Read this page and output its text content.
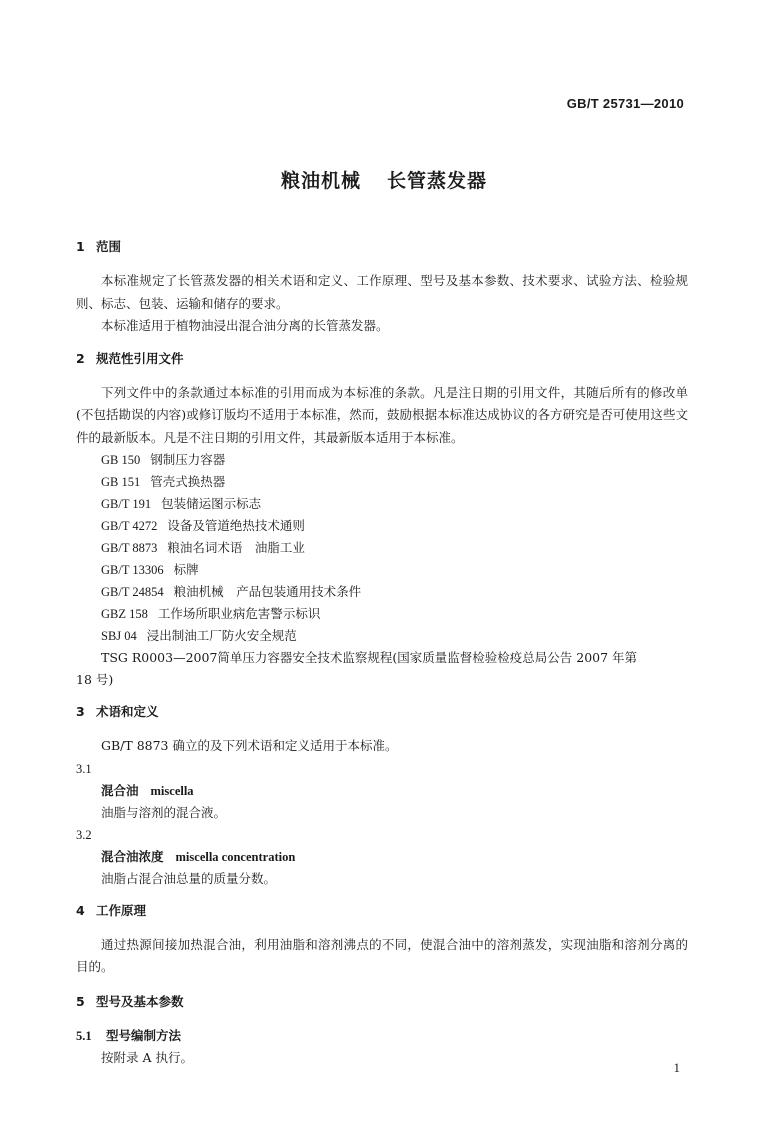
GB/T 25731—2010
粮油机械 长管蒸发器

1 范围

本标准规定了长管蒸发器的相关术语和定义、工作原理、型号及基本参数、技术要求、试验方法、检验规则、标志、包装、运输和储存的要求。

本标准适用于植物油浸出混合油分离的长管蒸发器。

2 规范性引用文件

下列文件中的条款通过本标准的引用而成为本标准的条款。凡是注日期的引用文件，其随后所有的修改单(不包括勘误的内容)或修订版均不适用于本标准，然而，鼓励根据本标准达成协议的各方研究是否可使用这些文件的最新版本。凡是不注日期的引用文件，其最新版本适用于本标准。

GB 150 钢制压力容器

GB 151 管壳式换热器

GB/T 191 包装储运图示标志

GB/T 4272 设备及管道绝热技术通则

GB/T 8873 粮油名词术语　油脂工业

GB/T 13306 标牌

GB/T 24854 粮油机械　产品包装通用技术条件

GBZ 158 工作场所职业病危害警示标识

SBJ 04 浸出制油工厂防火安全规范

TSG R0003—2007简单压力容器安全技术监察规程(国家质量监督检验检疫总局公告 2007 年第

18 号)

3 术语和定义

GB/T 8873 确立的及下列术语和定义适用于本标准。

3.1

混合油 miscella

油脂与溶剂的混合液。

3.2

混合油浓度 miscella concentration

油脂占混合油总量的质量分数。

4 工作原理

通过热源间接加热混合油，利用油脂和溶剂沸点的不同，使混合油中的溶剂蒸发，实现油脂和溶剂分离的目的。

5 型号及基本参数

5.1 型号编制方法

按附录 A 执行。

1
